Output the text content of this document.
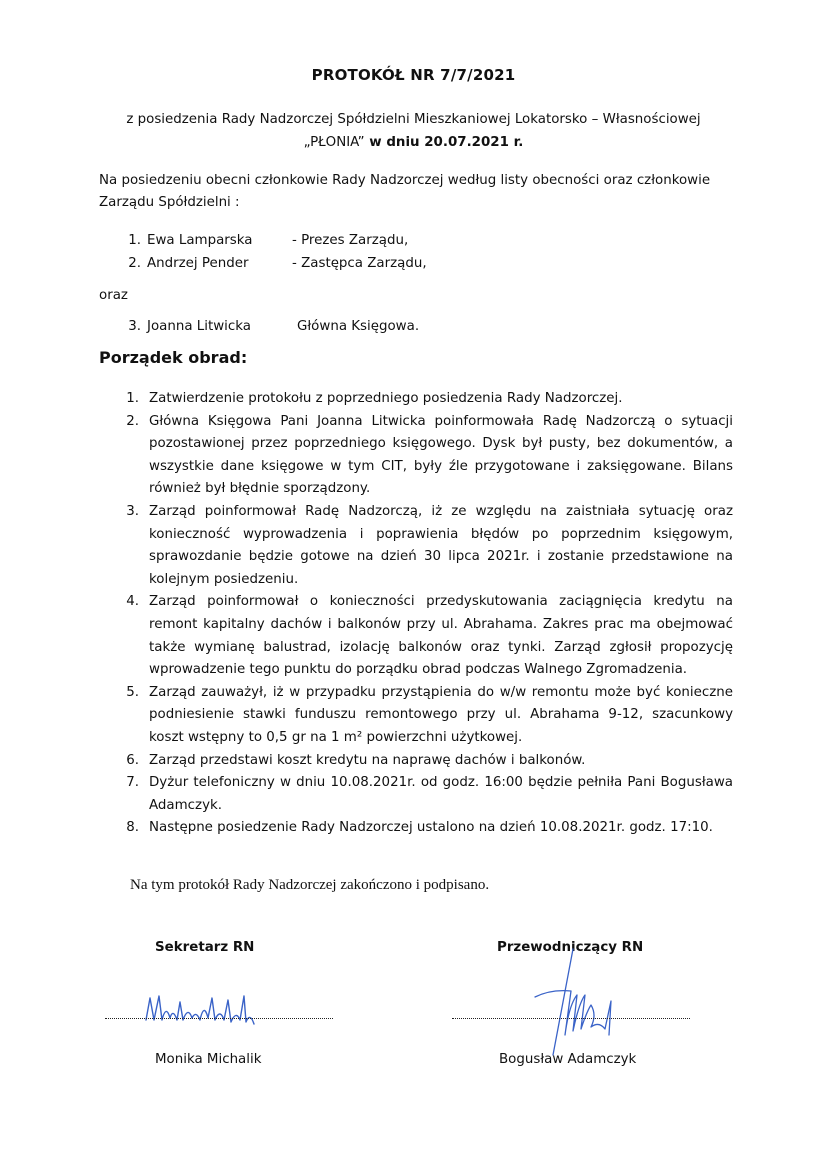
PROTOKÓŁ NR 7/7/2021
z posiedzenia Rady Nadzorczej Spółdzielni Mieszkaniowej Lokatorsko – Własnościowej
„PŁONIA” w dniu 20.07.2021 r.
Na posiedzeniu obecni członkowie Rady Nadzorczej według listy obecności oraz członkowie Zarządu Spółdzielni :
1. Ewa Lamparska	- Prezes Zarządu,
2. Andrzej Pender	- Zastępca Zarządu,
oraz
3. Joanna Litwicka	Główna Księgowa.
Porządek obrad:
1. Zatwierdzenie protokołu z poprzedniego posiedzenia Rady Nadzorczej.
2. Główna Księgowa Pani Joanna Litwicka poinformowała Radę Nadzorczą o sytuacji pozostawionej przez poprzedniego księgowego. Dysk był pusty, bez dokumentów, a wszystkie dane księgowe w tym CIT, były źle przygotowane i zaksięgowane. Bilans również był błędnie sporządzony.
3. Zarząd poinformował Radę Nadzorczą, iż ze względu na zaistniała sytuację oraz konieczność wyprowadzenia i poprawienia błędów po poprzednim księgowym, sprawozdanie będzie gotowe na dzień 30 lipca 2021r. i zostanie przedstawione na kolejnym posiedzeniu.
4. Zarząd poinformował o konieczności przedyskutowania zaciągnięcia kredytu na remont kapitalny dachów i balkonów przy ul. Abrahama. Zakres prac ma obejmować także wymianę balustrad, izolację balkonów oraz tynki. Zarząd zgłosił propozycję wprowadzenie tego punktu do porządku obrad podczas Walnego Zgromadzenia.
5. Zarząd zauważył, iż w przypadku przystąpienia do w/w remontu może być konieczne podniesienie stawki funduszu remontowego przy ul. Abrahama 9-12, szacunkowy koszt wstępny to 0,5 gr na 1 m² powierzchni użytkowej.
6. Zarząd przedstawi koszt kredytu na naprawę dachów i balkonów.
7. Dyżur telefoniczny w dniu 10.08.2021r. od godz. 16:00 będzie pełniła Pani Bogusława Adamczyk.
8. Następne posiedzenie Rady Nadzorczej ustalono na dzień 10.08.2021r. godz. 17:10.
Na tym protokół Rady Nadzorczej zakończono i podpisano.
Sekretarz RN	Przewodniczący RN
Monika Michalik	Bogusław Adamczyk
